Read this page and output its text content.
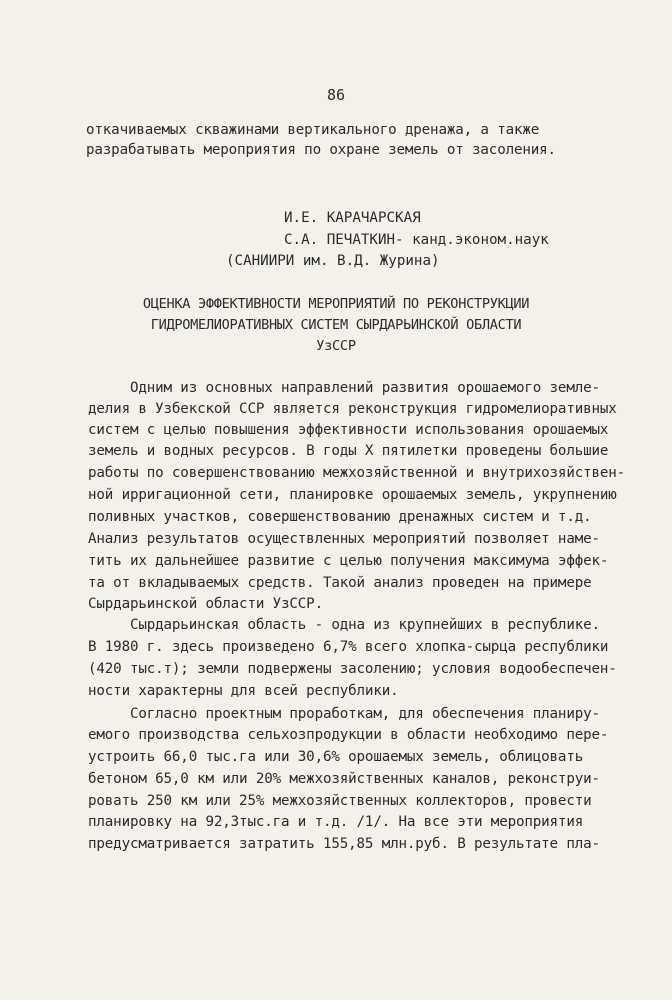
86
откачиваемых скважинами вертикального дренажа, а также
разрабатывать мероприятия по охране земель от засоления.
И.Е. КАРАЧАРСКАЯ
С.А. ПЕЧАТКИН- канд.эконом.наук
(САНИИРИ им. В.Д. Журина)
ОЦЕНКА ЭФФЕКТИВНОСТИ МЕРОПРИЯТИЙ ПО РЕКОНСТРУКЦИИ
ГИДРОМЕЛИОРАТИВНЫХ СИСТЕМ СЫРДАРЬИНСКОЙ ОБЛАСТИ
УзССР
Одним из основных направлений развития орошаемого земле-
делия в Узбекской ССР является реконструкция гидромелиоративных
систем с целью повышения эффективности использования орошаемых
земель и водных ресурсов. В годы X пятилетки проведены большие
работы по совершенствованию межхозяйственной и внутрихозяйствен-
ной ирригационной сети, планировке орошаемых земель, укрупнению
поливных участков, совершенствованию дренажных систем и т.д.
Анализ результатов осуществленных мероприятий позволяет наме-
тить их дальнейшее развитие с целью получения максимума эффек-
та от вкладываемых средств. Такой анализ проведен на примере
Сырдарьинской области УзССР.
Сырдарьинская область - одна из крупнейших в республике.
В 1980 г. здесь произведено 6,7% всего хлопка-сырца республики
(420 тыс.т); земли подвержены засолению; условия водообеспечен-
ности характерны для всей республики.
Согласно проектным проработкам, для обеспечения планиру-
емого производства сельхозпродукции в области необходимо пере-
устроить 66,0 тыс.га или 30,6% орошаемых земель, облицовать
бетоном 65,0 км или 20% межхозяйственных каналов, реконструи-
ровать 250 км или 25% межхозяйственных коллекторов, провести
планировку на 92,3тыс.га и т.д. /1/. На все эти мероприятия
предусматривается затратить 155,85 млн.руб. В результате пла-
